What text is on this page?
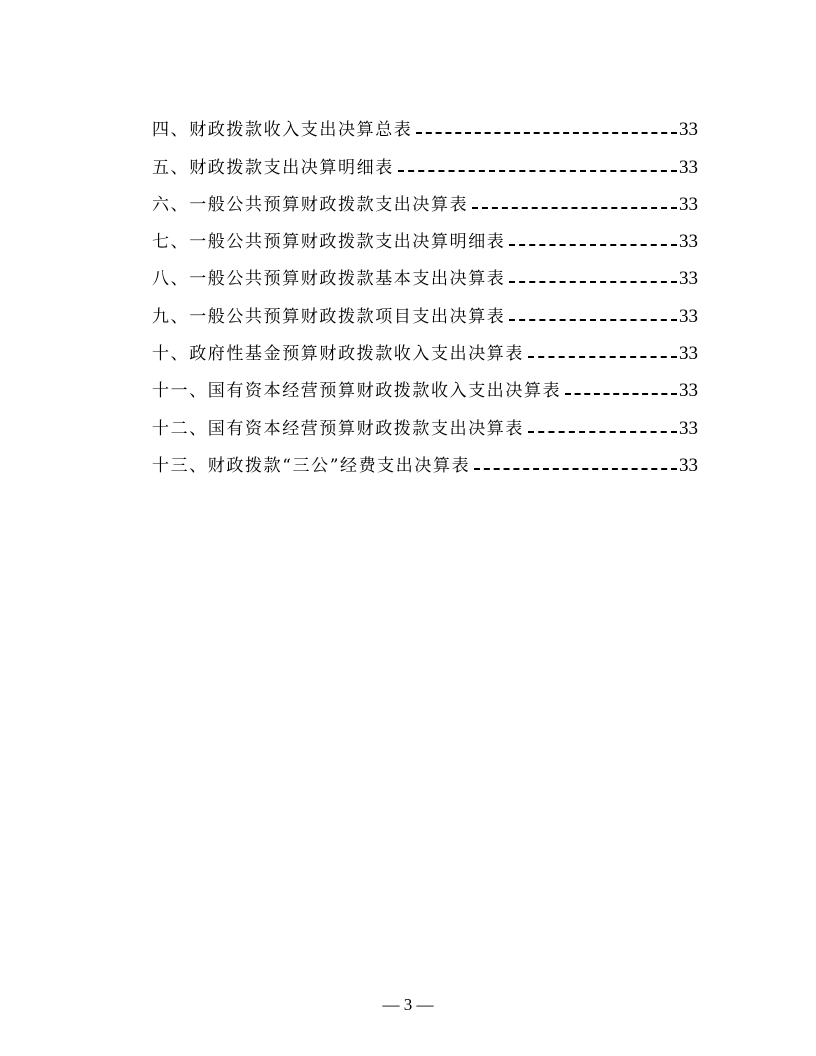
四、财政拨款收入支出决算总表	33
五、财政拨款支出决算明细表	33
六、一般公共预算财政拨款支出决算表	33
七、一般公共预算财政拨款支出决算明细表	33
八、一般公共预算财政拨款基本支出决算表	33
九、一般公共预算财政拨款项目支出决算表	33
十、政府性基金预算财政拨款收入支出决算表	33
十一、国有资本经营预算财政拨款收入支出决算表	33
十二、国有资本经营预算财政拨款支出决算表	33
十三、财政拨款“三公”经费支出决算表	33
— 3 —
